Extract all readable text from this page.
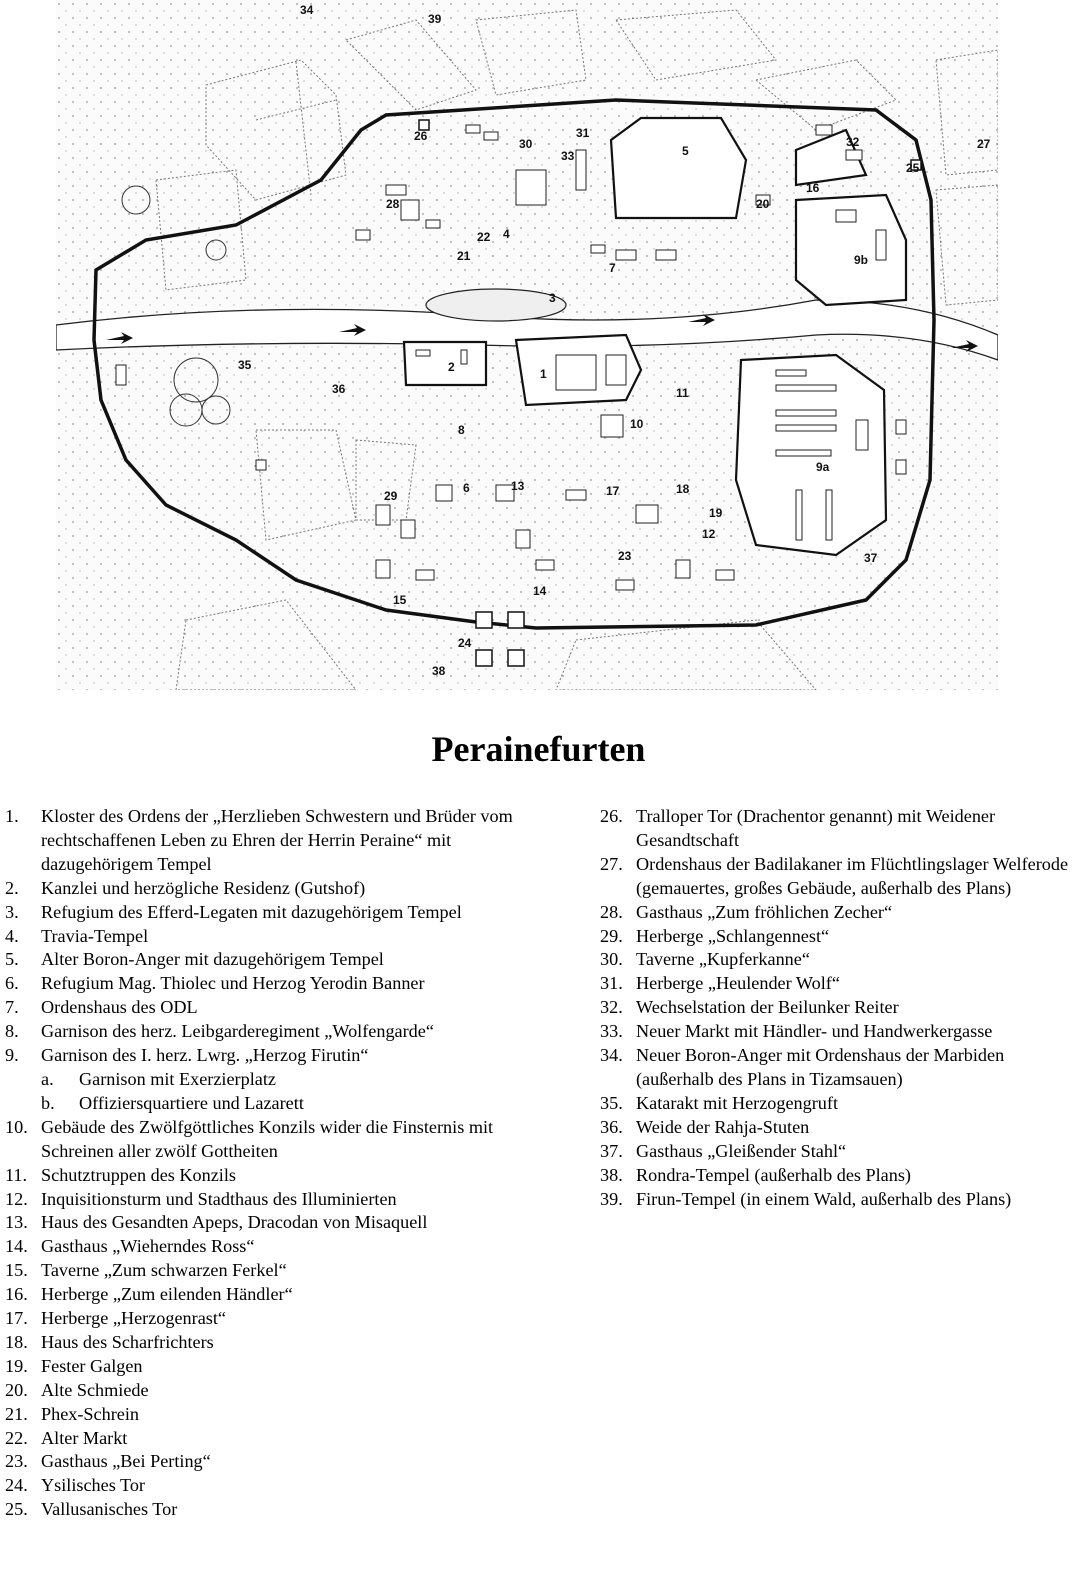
1
2
3
4
5
6
7
8
9a
9b
10
11
12
13
14
15
16
17	18
19
20
21
22
23
24
25
26
27
28
29
30
31
32
33
34
35
36
37
38
39
Perainefurten
1.	Kloster des Ordens der „Herzlieben Schwestern und Brüder vom rechtschaffenen Leben zu Ehren der Herrin Peraine“ mit dazugehörigem Tempel
2.	Kanzlei und herzögliche Residenz (Gutshof)
3.	Refugium des Efferd-Legaten mit dazugehörigem Tempel
4.	Travia-Tempel
5.	Alter Boron-Anger mit dazugehörigem Tempel
6.	Refugium Mag. Thiolec und Herzog Yerodin Banner
7.	Ordenshaus des ODL
8.	Garnison des herz. Leibgarderegiment „Wolfengarde“
9.	Garnison des I. herz. Lwrg. „Herzog Firutin“
a.	Garnison mit Exerzierplatz
b.	Offiziersquartiere und Lazarett
10. Gebäude des Zwölfgöttliches Konzils wider die Finsternis mit Schreinen aller zwölf Gottheiten
11. Schutztruppen des Konzils
12. Inquisitionsturm und Stadthaus des Illuminierten
13. Haus des Gesandten Apeps, Dracodan von Misaquell
14. Gasthaus „Wieherndes Ross“
15. Taverne „Zum schwarzen Ferkel“
16. Herberge „Zum eilenden Händler“
17. Herberge „Herzogenrast“
18. Haus des Scharfrichters
19. Fester Galgen
20. Alte Schmiede
21. Phex-Schrein
22. Alter Markt
23. Gasthaus „Bei Perting“
24. Ysilisches Tor
25. Vallusanisches Tor
26. Tralloper Tor (Drachentor genannt) mit Weidener Gesandtschaft
27. Ordenshaus der Badilakaner im Flüchtlingslager Welferode (gemauertes, großes Gebäude, außerhalb des Plans)
28. Gasthaus „Zum fröhlichen Zecher“
29. Herberge „Schlangennest“
30. Taverne „Kupferkanne“
31. Herberge „Heulender Wolf“
32. Wechselstation der Beilunker Reiter
33. Neuer Markt mit Händler- und Handwerkergasse
34. Neuer Boron-Anger mit Ordenshaus der Marbiden (außerhalb des Plans in Tizamsauen)
35. Katarakt mit Herzogengruft
36. Weide der Rahja-Stuten
37. Gasthaus „Gleißender Stahl“
38. Rondra-Tempel (außerhalb des Plans)
39. Firun-Tempel (in einem Wald, außerhalb des Plans)
